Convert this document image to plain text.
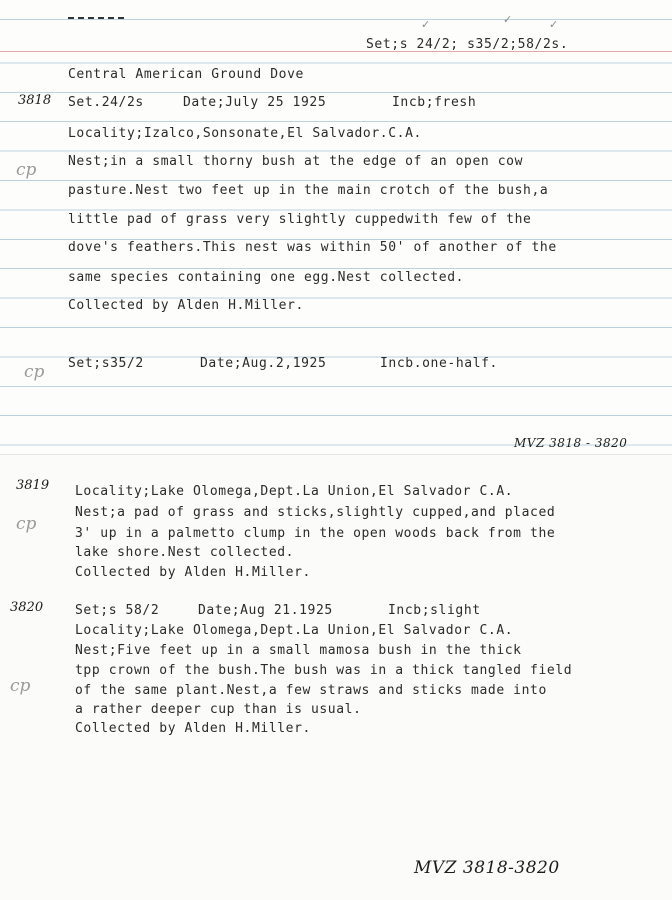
✓	✓	✓
Set;s 24/2; s35/2;58/2s.
Central American Ground Dove
3818 Set.24/2s	Date;July 25 1925	Incb;fresh
Locality;Izalco,Sonsonate,El Salvador.C.A.
cp Nest;in a small thorny bush at the edge of an open cow
pasture.Nest two feet up in the main crotch of the bush,a
little pad of grass very slightly cuppedwith few of the
dove's feathers.This nest was within 50' of another of the
same species containing one egg.Nest collected.
Collected by Alden H.Miller.
cp Set;s35/2	Date;Aug.2,1925	Incb.one-half.
MVZ 3818 - 3820
3819 Locality;Lake Olomega,Dept.La Union,El Salvador C.A.
cp
Nest;a pad of grass and sticks,slightly cupped,and placed
3' up in a palmetto clump in the open woods back from the
lake shore.Nest collected.
Collected by Alden H.Miller.
3820 Set;s 58/2	Date;Aug 21.1925	Incb;slight
Locality;Lake Olomega,Dept.La Union,El Salvador C.A.
Nest;Five feet up in a small mamosa bush in the thick
cp
tpp crown of the bush.The bush was in a thick tangled field
of the same plant.Nest,a few straws and sticks made into
a rather deeper cup than is usual.
Collected by Alden H.Miller.
MVZ 3818-3820
